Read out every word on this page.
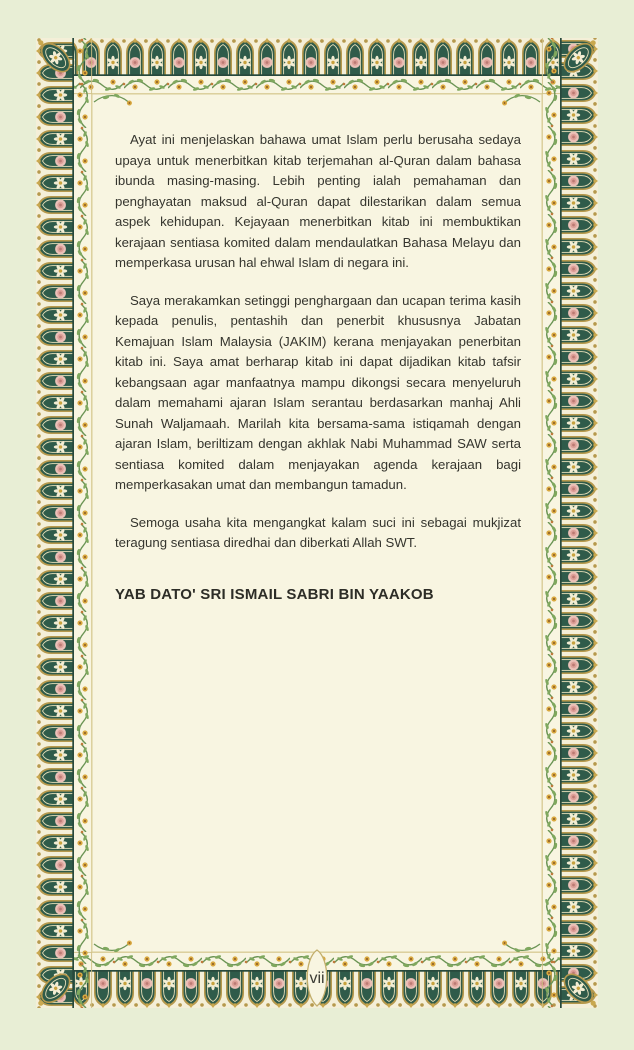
Ayat ini menjelaskan bahawa umat Islam perlu berusaha sedaya upaya untuk menerbitkan kitab terjemahan al-Quran dalam bahasa ibunda masing-masing. Lebih penting ialah pemahaman dan penghayatan maksud al-Quran dapat dilestarikan dalam semua aspek kehidupan. Kejayaan menerbitkan kitab ini membuktikan kerajaan sentiasa komited dalam mendaulatkan Bahasa Melayu dan memperkasa urusan hal ehwal Islam di negara ini.

Saya merakamkan setinggi penghargaan dan ucapan terima kasih kepada penulis, pentashih dan penerbit khususnya Jabatan Kemajuan Islam Malaysia (JAKIM) kerana menjayakan penerbitan kitab ini. Saya amat berharap kitab ini dapat dijadikan kitab tafsir kebangsaan agar manfaatnya mampu dikongsi secara menyeluruh dalam memahami ajaran Islam serantau berdasarkan manhaj Ahli Sunah Waljamaah. Marilah kita bersama-sama istiqamah dengan ajaran Islam, beriltizam dengan akhlak Nabi Muhammad SAW serta sentiasa komited dalam menjayakan agenda kerajaan bagi memperkasakan umat dan membangun tamadun.

Semoga usaha kita mengangkat kalam suci ini sebagai mukjizat teragung sentiasa diredhai dan diberkati Allah SWT.

YAB DATO' SRI ISMAIL SABRI BIN YAAKOB
vii
